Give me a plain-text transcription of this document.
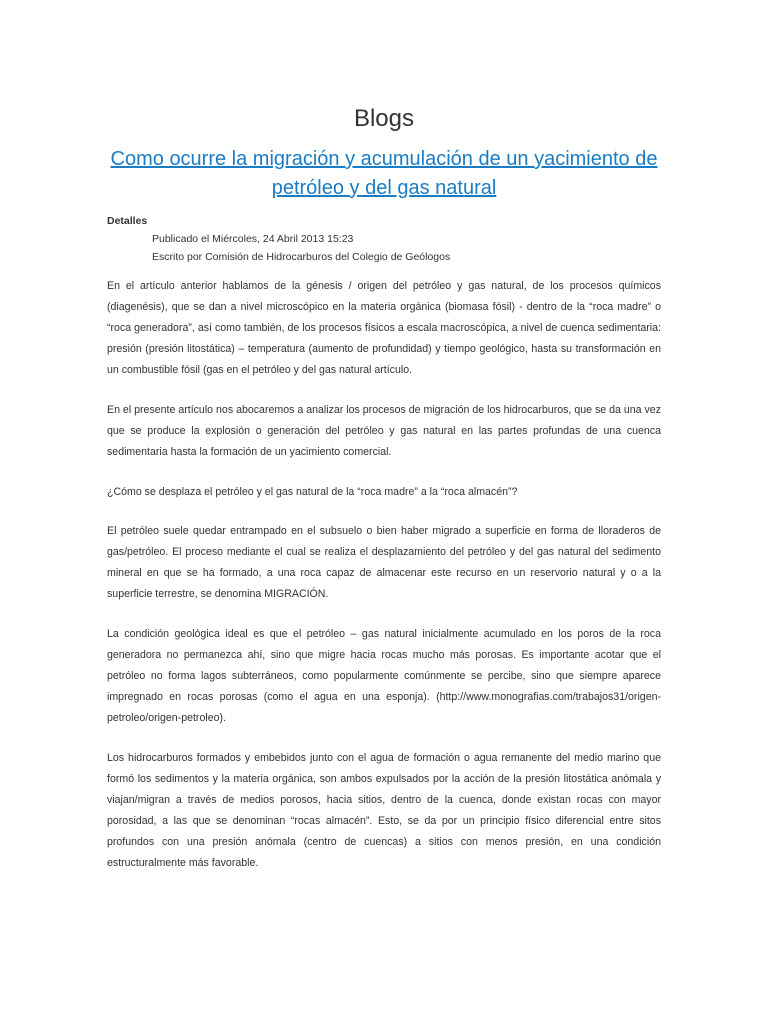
Blogs
Como ocurre la migración y acumulación de un yacimiento de petróleo y del gas natural

Detalles

Publicado el Miércoles, 24 Abril 2013 15:23

Escrito por Comisión de Hidrocarburos del Colegio de Geólogos

En el artículo anterior hablamos de la génesis / origen del petróleo y gas natural, de los procesos químicos (diagenésis), que se dan a nivel microscópico en la materia orgánica (biomasa fósil) - dentro de la “roca madre” o “roca generadora”, así como también, de los procesos físicos a escala macroscópica, a nivel de cuenca sedimentaria: presión (presión litostática) – temperatura (aumento de profundidad) y tiempo geológico, hasta su transformación en un combustible fósil (gas en el petróleo y del gas natural artículo.

En el presente artículo nos abocaremos a analizar los procesos de migración de los hidrocarburos, que se da una vez que se produce la explosión o generación del petróleo y gas natural en las partes profundas de una cuenca sedimentaria hasta la formación de un yacimiento comercial.

¿Cómo se desplaza el petróleo y el gas natural de la “roca madre” a la “roca almacén”?

El petróleo suele quedar entrampado en el subsuelo o bien haber migrado a superficie en forma de lloraderos de gas/petróleo. El proceso mediante el cual se realiza el desplazamiento del petróleo y del gas natural del sedimento mineral en que se ha formado, a una roca capaz de almacenar este recurso en un reservorio natural y o a la superficie terrestre, se denomina MIGRACIÓN.

La condición geológica ideal es que el petróleo – gas natural inicialmente acumulado en los poros de la roca generadora no permanezca ahí, sino que migre hacia rocas mucho más porosas. Es importante acotar que el petróleo no forma lagos subterráneos, como popularmente comúnmente se percibe, sino que siempre aparece impregnado en rocas porosas (como el agua en una esponja). (http://www.monografias.com/trabajos31/origen-petroleo/origen-petroleo).

Los hidrocarburos formados y embebidos junto con el agua de formación o agua remanente del medio marino que formó los sedimentos y la materia orgánica, son ambos expulsados por la acción de la presión litostática anómala y viajan/migran a través de medios porosos, hacia sitios, dentro de la cuenca, donde existan rocas con mayor porosidad, a las que se denominan “rocas almacén”. Esto, se da por un principio físico diferencial entre sitos profundos con una presión anómala (centro de cuencas) a sitios con menos presión, en una condición estructuralmente más favorable.
